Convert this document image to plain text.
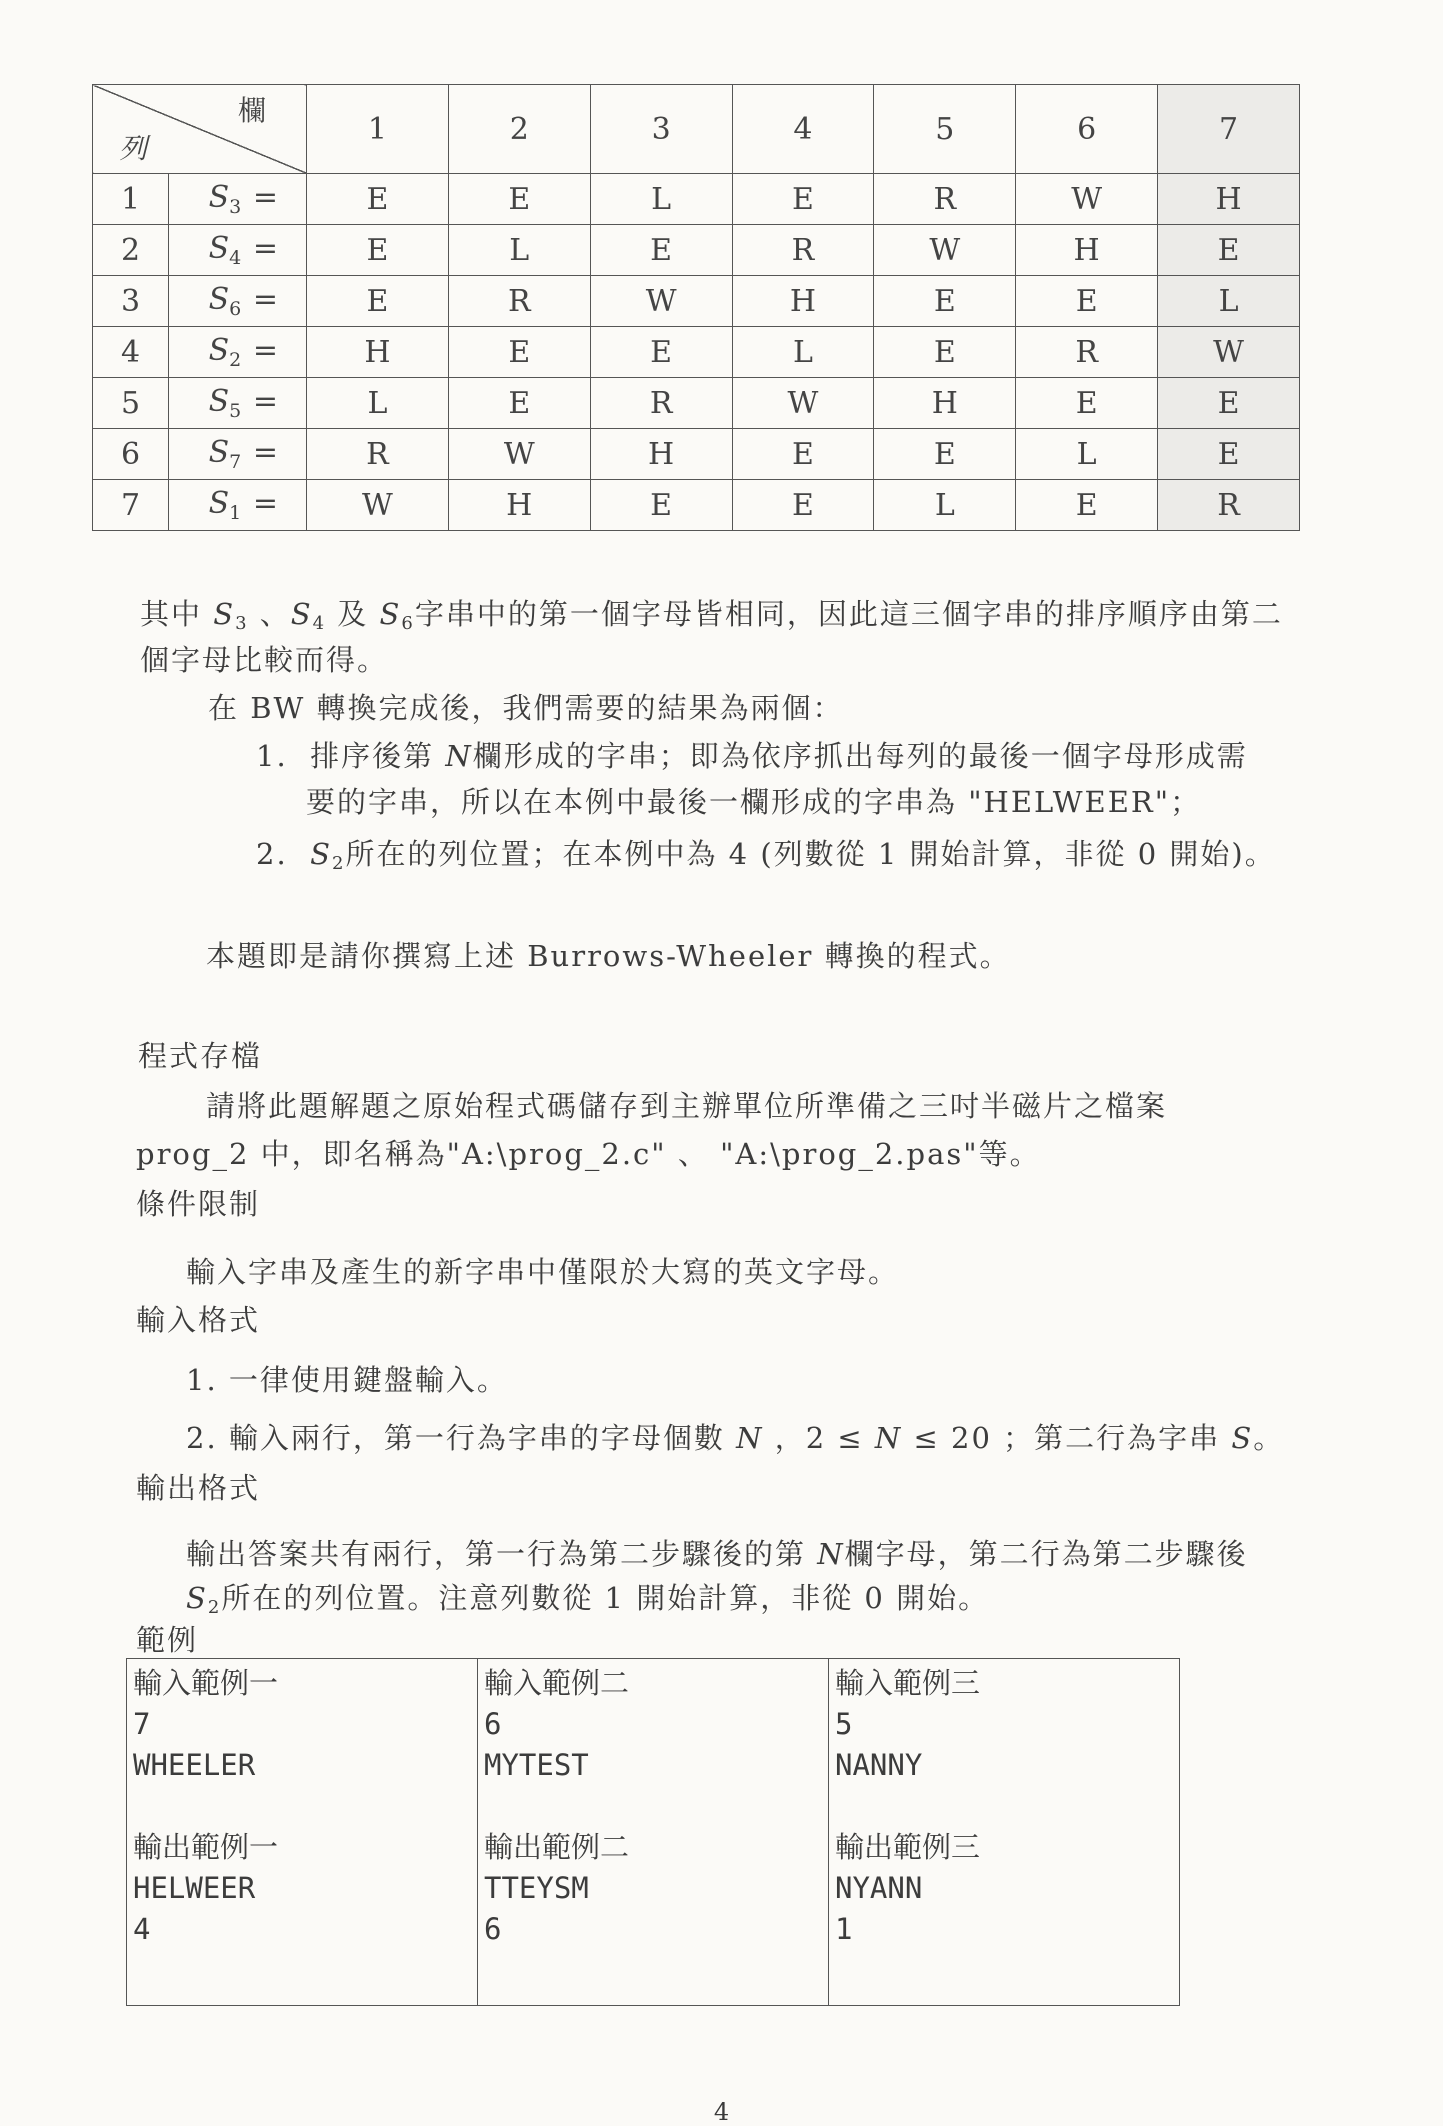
欄
列		1	2	3	4	5	6	7
1	$S_3$ =	E	E	L	E	R	W	H
2	$S_4$ =	E	L	E	R	W	H	E
3	$S_6$ =	E	R	W	H	E	E	L
4	$S_2$ =	H	E	E	L	E	R	W
5	$S_5$ =	L	E	R	W	H	E	E
6	$S_7$ =	R	W	H	E	E	L	E
7	$S_1$ =	W	H	E	E	L	E	R
其中 $S_3$ 、$S_4$ 及 $S_6$字串中的第一個字母皆相同，因此這三個字串的排序順序由第二
個字母比較而得。
在 BW 轉換完成後，我們需要的結果為兩個：
1. 排序後第 N欄形成的字串；即為依序抓出每列的最後一個字母形成需
要的字串，所以在本例中最後一欄形成的字串為 "HELWEER"；
2. $S_2$所在的列位置；在本例中為 4 (列數從 1 開始計算，非從 0 開始)。
本題即是請你撰寫上述 Burrows-Wheeler 轉換的程式。
程式存檔
請將此題解題之原始程式碼儲存到主辦單位所準備之三吋半磁片之檔案
prog_2 中，即名稱為"A:\prog_2.c" 、 "A:\prog_2.pas"等。
條件限制
輸入字串及產生的新字串中僅限於大寫的英文字母。
輸入格式
1. 一律使用鍵盤輸入。
2. 輸入兩行，第一行為字串的字母個數 N ，2 ≤ N ≤ 20 ；第二行為字串 S。
輸出格式
輸出答案共有兩行，第一行為第二步驟後的第 N欄字母，第二行為第二步驟後
$S_2$所在的列位置。注意列數從 1 開始計算，非從 0 開始。
範例
輸入範例一
7
WHEELER
輸出範例一
HELWEER
4

輸入範例二
6
MYTEST
輸出範例二
TTEYSM
6

輸入範例三
5
NANNY
輸出範例三
NYANN
1
4
